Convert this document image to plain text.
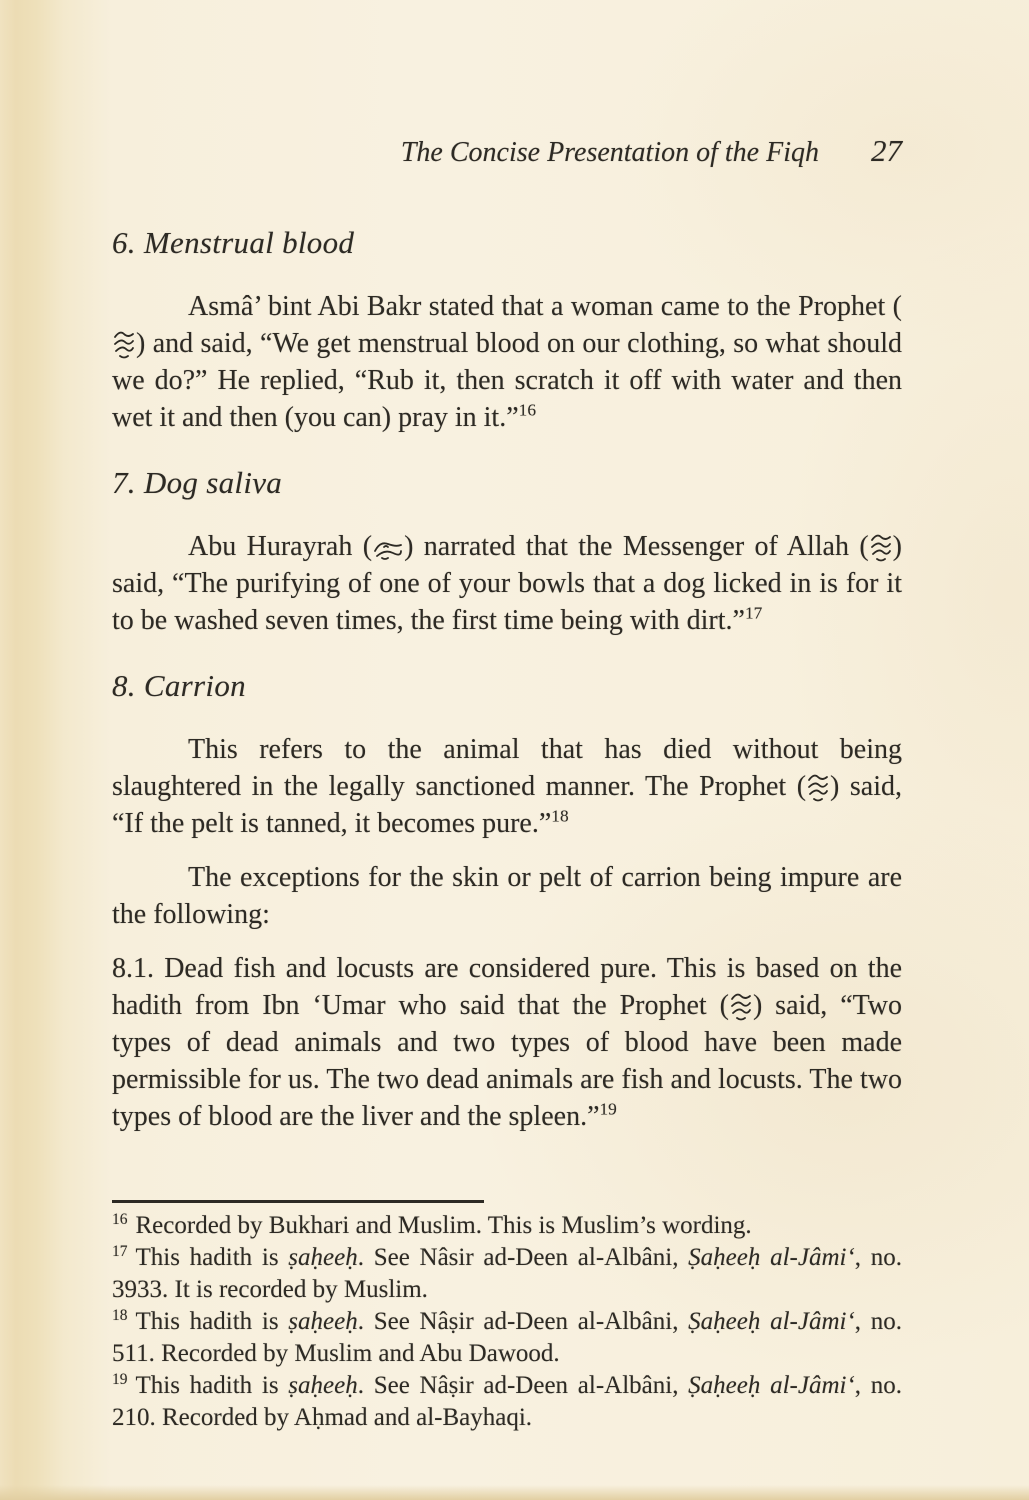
The Concise Presentation of the Fiqh 27
6. Menstrual blood

Asmâ’ bint Abi Bakr stated that a woman came to the Prophet (
) and said, “We get menstrual blood on our clothing, so what should we do?” He replied, “Rub it, then scratch it off with water and then wet it and then (you can) pray in it.”$^{16}$

7. Dog saliva

Abu Hurayrah ( ) narrated that the Messenger of Allah ( ) said, “The purifying of one of your bowls that a dog licked in is for it to be washed seven times, the first time being with dirt.”$^{17}$

8. Carrion

This refers to the animal that has died without being slaughtered in the legally sanctioned manner. The Prophet ( ) said, “If the pelt is tanned, it becomes pure.”$^{18}$

The exceptions for the skin or pelt of carrion being impure are the following:

8.1. Dead fish and locusts are considered pure. This is based on the hadith from Ibn ‘Umar who said that the Prophet ( ) said, “Two types of dead animals and two types of blood have been made permissible for us. The two dead animals are fish and locusts. The two types of blood are the liver and the spleen.”$^{19}$

$^{16}$ Recorded by Bukhari and Muslim. This is Muslim’s wording.
$^{17}$ This hadith is ṣaḥeeḥ. See Nâsir ad-Deen al-Albâni, Ṣaḥeeḥ al-Jâmi‘, no. 3933. It is recorded by Muslim.
$^{18}$ This hadith is ṣaḥeeḥ. See Nâṣir ad-Deen al-Albâni, Ṣaḥeeḥ al-Jâmi‘, no. 511. Recorded by Muslim and Abu Dawood.
$^{19}$ This hadith is ṣaḥeeḥ. See Nâṣir ad-Deen al-Albâni, Ṣaḥeeḥ al-Jâmi‘, no. 210. Recorded by Aḥmad and al-Bayhaqi.
